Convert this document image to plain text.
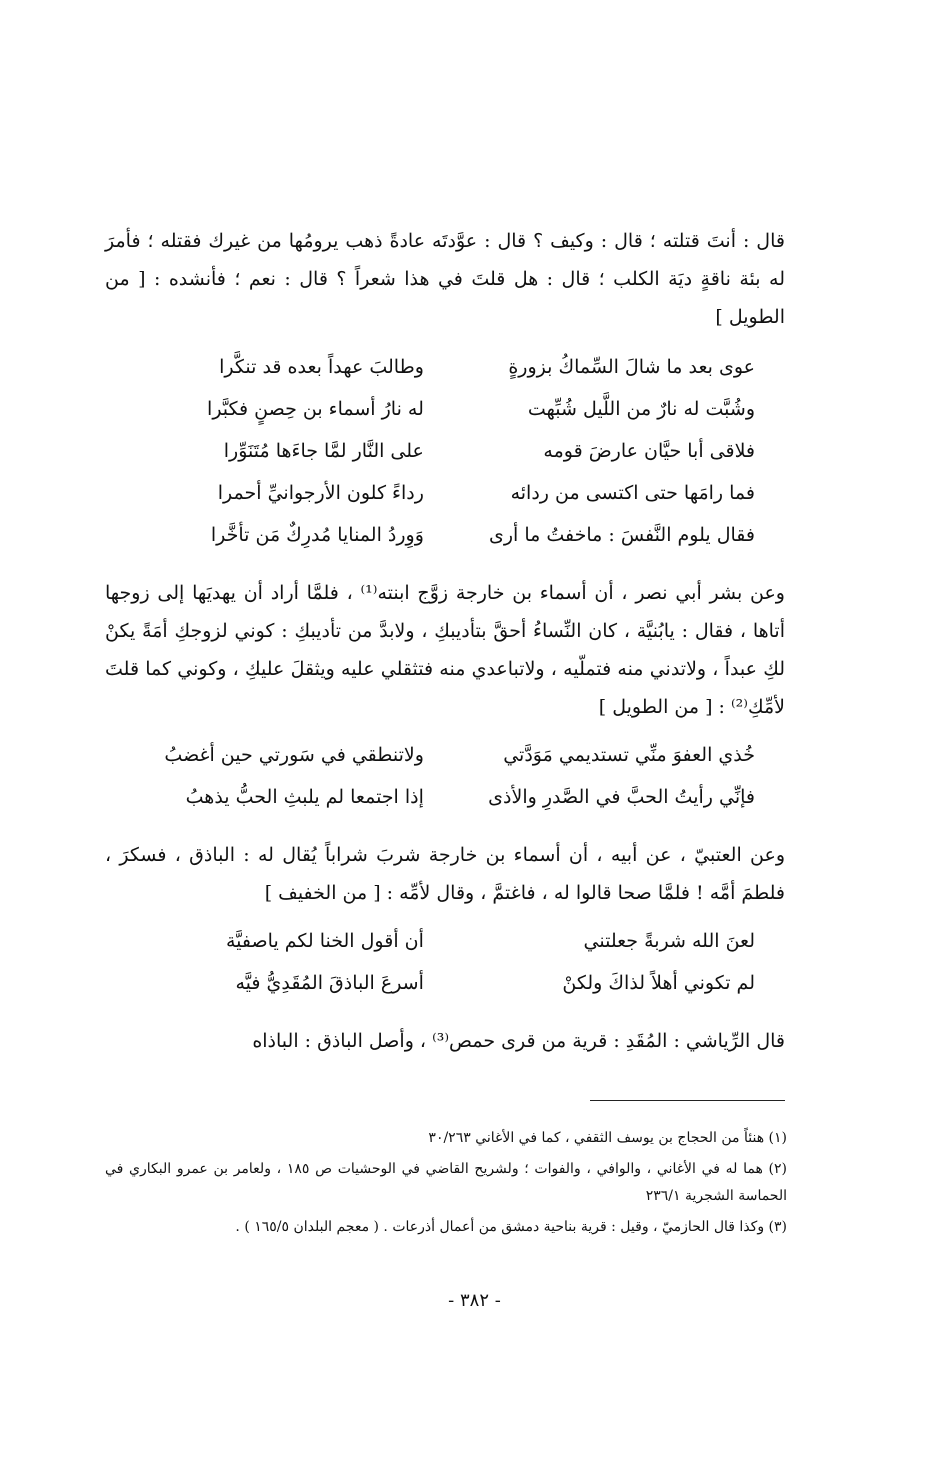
قال : أنتَ قتلته ؛ قال : وكيف ؟ قال : عوَّدتَه عادةً ذهب يرومُها من غيرك فقتله ؛ فأمرَ له بئة ناقةٍ ديَة الكلب ؛ قال : هل قلتَ في هذا شعراً ؟ قال : نعم ؛ فأنشده : [ من الطويل ]

عوى بعد ما شالَ السِّماكُ بزورةٍ
وطالبَ عهداً بعده قد تنكَّرا
وشُبَّت له نارٌ من اللَّيل شُبِّهت
له نارُ أسماء بن حِصنٍ فكبَّرا
فلاقى أبا حيَّان عارضَ قومه
على النَّار لمَّا جاءَها مُتَنَوِّرا
فما رامَها حتى اكتسى من ردائه
رداءً كلون الأرجوانيِّ أحمرا
فقال يلوم النَّفسَ : ماخفتُ ما أرى
وَوِردُ المنايا مُدرِكٌ مَن تأخَّرا

وعن بشر أبي نصر ، أن أسماء بن خارجة زوَّج ابنته⁽¹⁾ ، فلمَّا أراد أن يهديَها إلى زوجها أتاها ، فقال : يابُنيَّة ، كان النِّساءُ أحقَّ بتأديبكِ ، ولابدَّ من تأديبكِ : كوني لزوجكِ أمَةً يكنْ لكِ عبداً ، ولاتدني منه فتملّيه ، ولاتباعدي منه فتثقلي عليه ويثقلَ عليكِ ، وكوني كما قلتَ لأمِّكِ⁽²⁾ : [ من الطويل ]

خُذي العفوَ منِّي تستديمي مَوَدَّتي
ولاتنطقي في سَورتي حين أغضبُ
فإنِّي رأيتُ الحبَّ في الصَّدرِ والأذى
إذا اجتمعا لم يلبثِ الحبُّ يذهبُ

وعن العتبيّ ، عن أبيه ، أن أسماء بن خارجة شربَ شراباً يُقال له : الباذق ، فسكرَ ، فلطمَ أمَّه ! فلمَّا صحا قالوا له ، فاغتمَّ ، وقال لأمِّه : [ من الخفيف ]

لعنَ الله شربةً جعلتني
أن أقول الخنا لكم ياصفيَّة
لم تكوني أهلاً لذاكَ ولكنْ
أسرعَ الباذقَ المُقَدِيُّ فيَّه

قال الرِّياشي : المُقَدِ : قرية من قرى حمص⁽³⁾ ، وأصل الباذق : الباذاه

(١) هنئاً من الحجاج بن يوسف الثقفي ، كما في الأغاني ٣٠/٢٦٣

(٢) هما له في الأغاني ، والوافي ، والفوات ؛ ولشريح القاضي في الوحشيات ص ١٨٥ ، ولعامر بن عمرو البكاري في الحماسة الشجرية ٢٣٦/١

(٣) وكذا قال الحازميّ ، وقيل : قرية بناحية دمشق من أعمال أذرعات . ( معجم البلدان ١٦٥/٥ ) .

- ٣٨٢ -
